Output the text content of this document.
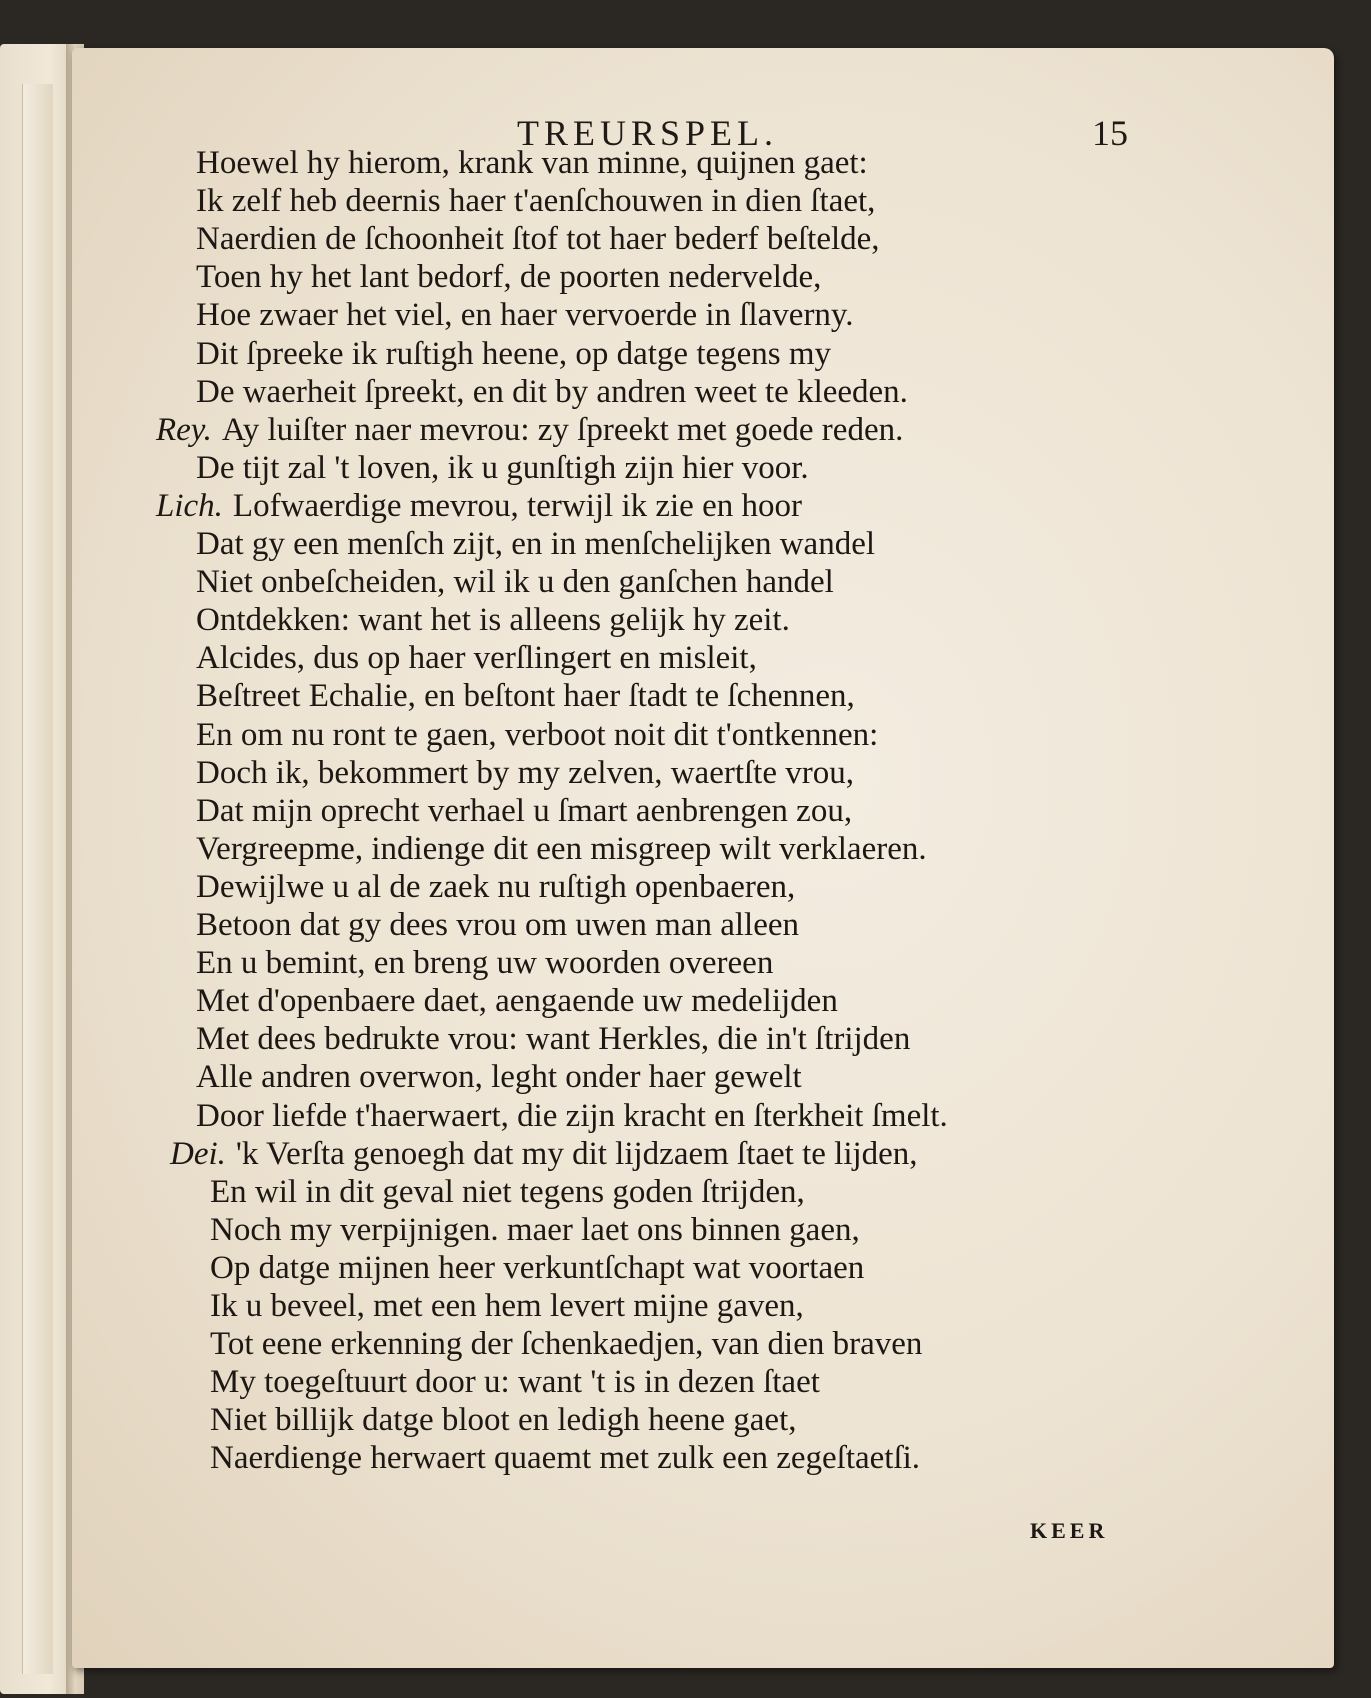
TREURSPEL.	15
Hoewel hy hierom, krank van minne, quijnen gaet:
Ik zelf heb deernis haer t'aenſchouwen in dien ſtaet,
Naerdien de ſchoonheit ſtof tot haer bederf beſtelde,
Toen hy het lant bedorf, de poorten nedervelde,
Hoe zwaer het viel, en haer vervoerde in ſlaverny.
Dit ſpreeke ik ruſtigh heene, op datge tegens my
De waerheit ſpreekt, en dit by andren weet te kleeden.
Rey. Ay luiſter naer mevrou: zy ſpreekt met goede reden.
De tijt zal 't loven, ik u gunſtigh zijn hier voor.
Lich. Lofwaerdige mevrou, terwijl ik zie en hoor
Dat gy een menſch zijt, en in menſchelijken wandel
Niet onbeſcheiden, wil ik u den ganſchen handel
Ontdekken: want het is alleens gelijk hy zeit.
Alcides, dus op haer verſlingert en misleit,
Beſtreet Echalie, en beſtont haer ſtadt te ſchennen,
En om nu ront te gaen, verboot noit dit t'ontkennen:
Doch ik, bekommert by my zelven, waertſte vrou,
Dat mijn oprecht verhael u ſmart aenbrengen zou,
Vergreepme, indienge dit een misgreep wilt verklaeren.
Dewijlwe u al de zaek nu ruſtigh openbaeren,
Betoon dat gy dees vrou om uwen man alleen
En u bemint, en breng uw woorden overeen
Met d'openbaere daet, aengaende uw medelijden
Met dees bedrukte vrou: want Herkles, die in't ſtrijden
Alle andren overwon, leght onder haer gewelt
Door liefde t'haerwaert, die zijn kracht en ſterkheit ſmelt.
Dei. 'k Verſta genoegh dat my dit lijdzaem ſtaet te lijden,
En wil in dit geval niet tegens goden ſtrijden,
Noch my verpijnigen. maer laet ons binnen gaen,
Op datge mijnen heer verkuntſchapt wat voortaen
Ik u beveel, met een hem levert mijne gaven,
Tot eene erkenning der ſchenkaedjen, van dien braven
My toegeſtuurt door u: want 't is in dezen ſtaet
Niet billijk datge bloot en ledigh heene gaet,
Naerdienge herwaert quaemt met zulk een zegeſtaetſi.
KEER
